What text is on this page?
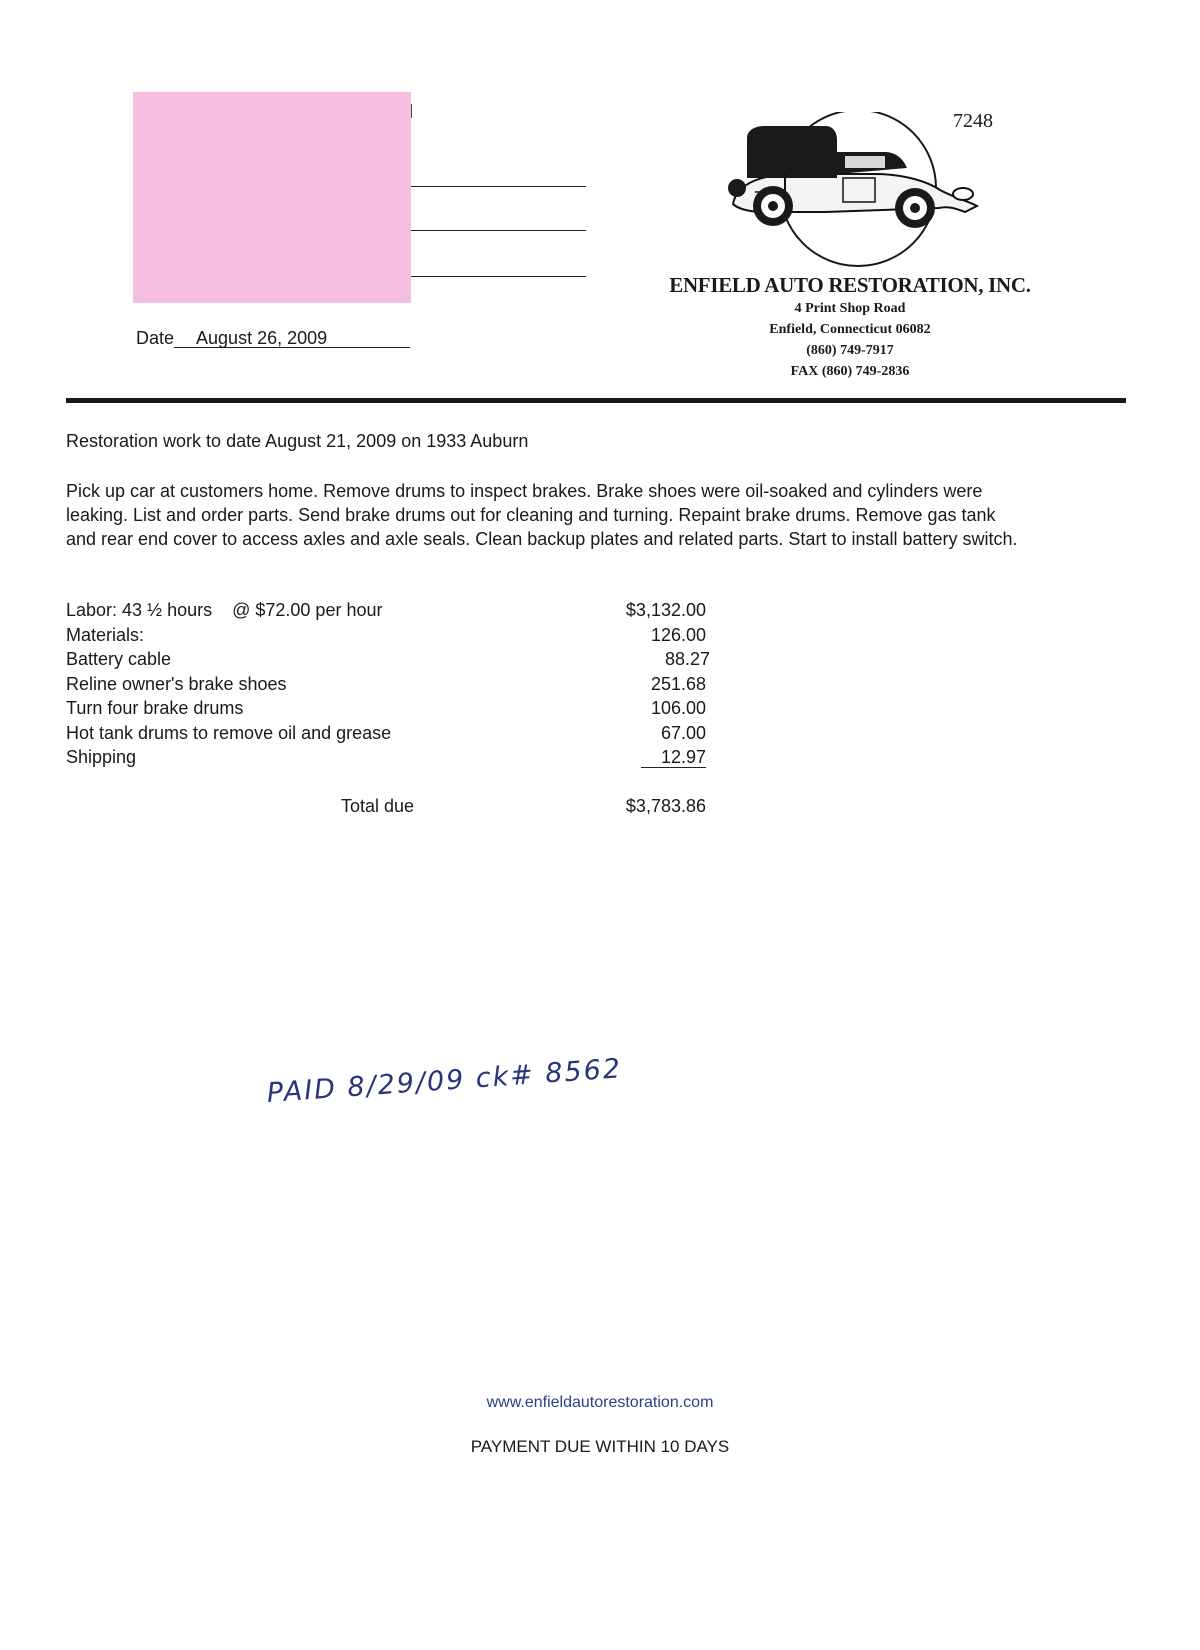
7248
ENFIELD AUTO RESTORATION, INC.
4 Print Shop Road
Enfield, Connecticut 06082
(860) 749-7917
FAX (860) 749-2836
Date August 26, 2009
Restoration work to date August 21, 2009 on 1933 Auburn
Pick up car at customers home. Remove drums to inspect brakes. Brake shoes were oil-soaked and cylinders were leaking. List and order parts. Send brake drums out for cleaning and turning. Repaint brake drums. Remove gas tank and rear end cover to access axles and axle seals. Clean backup plates and related parts. Start to install battery switch.
Labor: 43 ½ hours    @ $72.00 per hour	$3,132.00
Materials:	126.00
Battery cable	88.27
Reline owner's brake shoes	251.68
Turn four brake drums	106.00
Hot tank drums to remove oil and grease	67.00
Shipping	12.97
Total due	$3,783.86
PAID 8/29/09 ck# 8562
www.enfieldautorestoration.com
PAYMENT DUE WITHIN 10 DAYS
